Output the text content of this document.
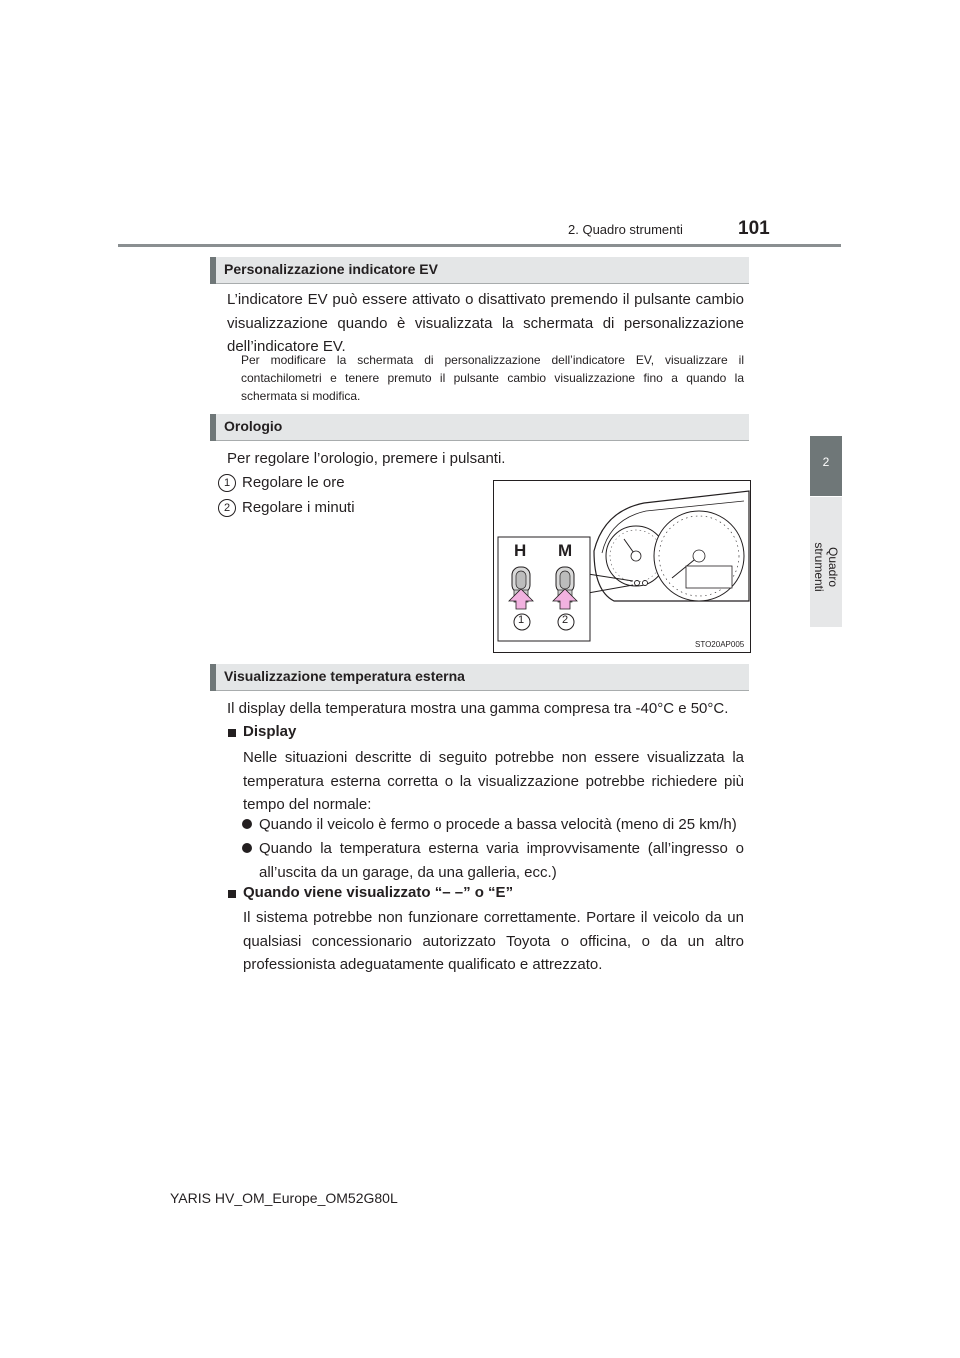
2. Quadro strumenti	101
2
Quadro strumenti
Personalizzazione indicatore EV
L’indicatore EV può essere attivato o disattivato premendo il pulsante cambio visualizzazione quando è visualizzata la schermata di personalizzazione dell’indicatore EV.
Per modificare la schermata di personalizzazione dell’indicatore EV, visualizzare il contachilometri e tenere premuto il pulsante cambio visualizzazione fino a quando la schermata si modifica.
Orologio
Per regolare l’orologio, premere i pulsanti.
1 Regolare le ore
2 Regolare i minuti
H M
1	2
STO20AP005
Visualizzazione temperatura esterna
Il display della temperatura mostra una gamma compresa tra -40°C e 50°C.
Display
Nelle situazioni descritte di seguito potrebbe non essere visualizzata la temperatura esterna corretta o la visualizzazione potrebbe richiedere più tempo del normale:
Quando il veicolo è fermo o procede a bassa velocità (meno di 25 km/h)
Quando la temperatura esterna varia improvvisamente (all’ingresso o all’uscita da un garage, da una galleria, ecc.)
Quando viene visualizzato “– –” o “E”
Il sistema potrebbe non funzionare correttamente. Portare il veicolo da un qualsiasi concessionario autorizzato Toyota o officina, o da un altro professionista adeguatamente qualificato e attrezzato.
YARIS HV_OM_Europe_OM52G80L
